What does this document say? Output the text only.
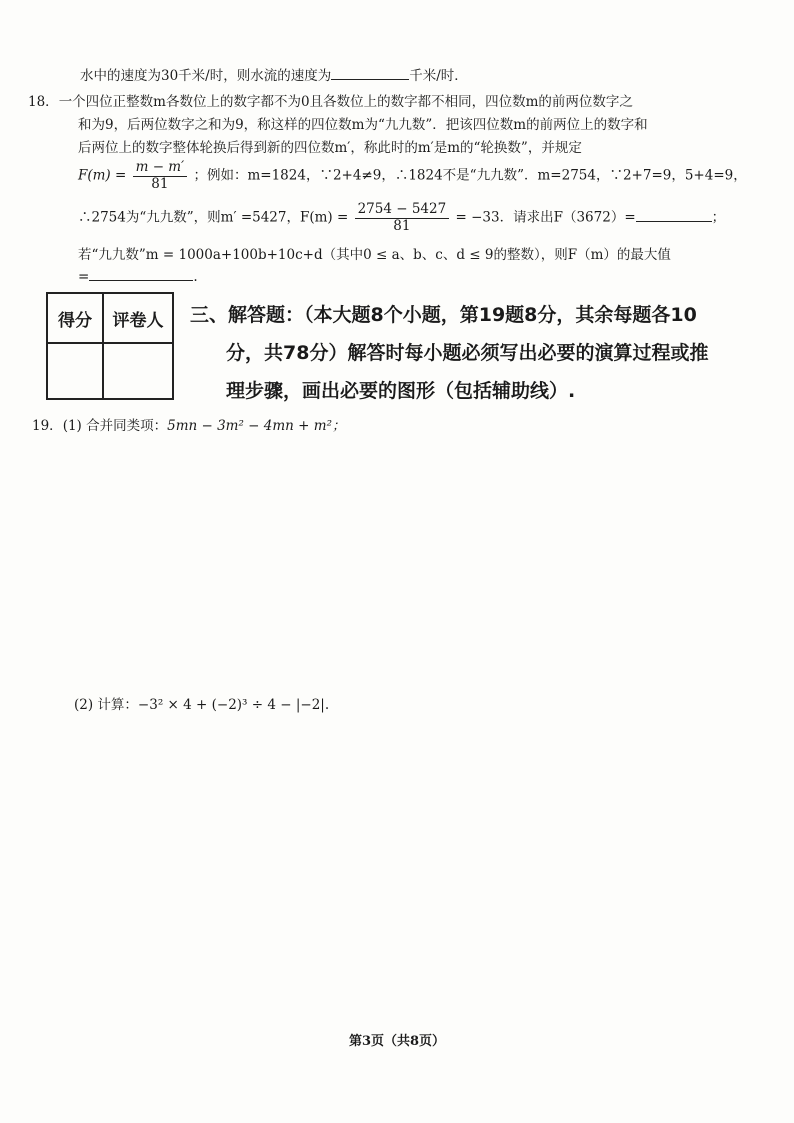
水中的速度为30千米/时，则水流的速度为	千米/时．
18．一个四位正整数m各数位上的数字都不为0且各数位上的数字都不相同，四位数m的前两位数字之
和为9，后两位数字之和为9，称这样的四位数m为“九九数”．把该四位数m的前两位上的数字和
后两位上的数字整体轮换后得到新的四位数m′，称此时的m′是m的“轮换数”，并规定
$F(m) = \frac{m - m'}{81}$ ；例如：m=1824，∵2+4≠9，∴1824不是“九九数”．m=2754，∵2+7=9，5+4=9，
∴2754为“九九数”，则m′ =5427，$F(m) = \frac{2754 - 5427}{81} = -33$．请求出F（3672）=	；
若“九九数”m = 1000a+100b+10c+d（其中0 ≤ a、b、c、d ≤ 9的整数），则F（m）的最大值
=	.
得分	评卷人
	三、解答题：（本大题8个小题，第19题8分，其余每题各10
分，共78分）解答时每小题必须写出必要的演算过程或推
理步骤，画出必要的图形（包括辅助线）.
19．(1) 合并同类项：5mn − 3m² − 4mn + m²；
(2) 计算：−3² × 4 + (−2)³ ÷ 4 − |−2|.
第3页（共8页）
